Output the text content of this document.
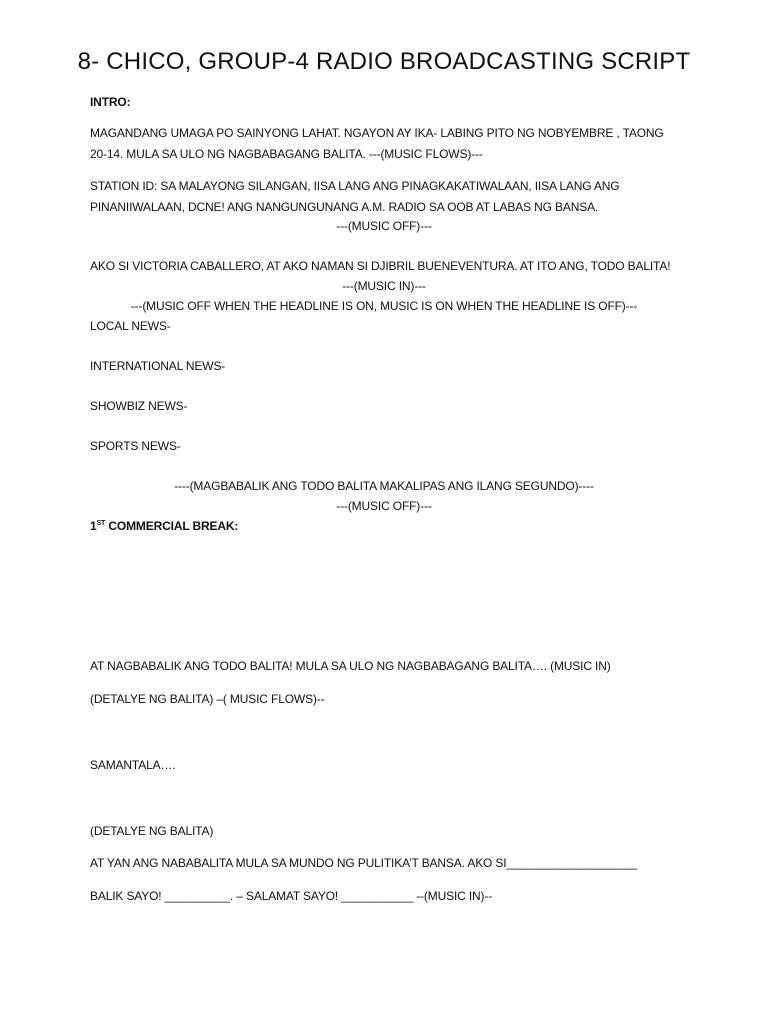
8- CHICO, GROUP-4 RADIO BROADCASTING SCRIPT
INTRO:
MAGANDANG UMAGA PO SAINYONG LAHAT. NGAYON AY IKA- LABING PITO NG NOBYEMBRE , TAONG
20-14. MULA SA ULO NG NAGBABAGANG BALITA. ---(MUSIC FLOWS)---
STATION ID: SA MALAYONG SILANGAN, IISA LANG ANG PINAGKAKATIWALAAN, IISA LANG ANG
PINANIIWALAAN, DCNE! ANG NANGUNGUNANG A.M. RADIO SA OOB AT LABAS NG BANSA.
---(MUSIC OFF)---
AKO SI VICTORIA CABALLERO, AT AKO NAMAN SI DJIBRIL BUENEVENTURA. AT ITO ANG, TODO BALITA!
---(MUSIC IN)---
---(MUSIC OFF WHEN THE HEADLINE IS ON, MUSIC IS ON WHEN THE HEADLINE IS OFF)---
LOCAL NEWS-
INTERNATIONAL NEWS-
SHOWBIZ NEWS-
SPORTS NEWS-
----(MAGBABALIK ANG TODO BALITA MAKALIPAS ANG ILANG SEGUNDO)----
---(MUSIC OFF)---
1ST COMMERCIAL BREAK:
AT NAGBABALIK ANG TODO BALITA! MULA SA ULO NG NAGBABAGANG BALITA…. (MUSIC IN)
(DETALYE NG BALITA) –( MUSIC FLOWS)--
SAMANTALA….
(DETALYE NG BALITA)
AT YAN ANG NABABALITA MULA SA MUNDO NG PULITIKA’T BANSA. AKO SI____________________
BALIK SAYO! __________. – SALAMAT SAYO! ___________ --(MUSIC IN)--
